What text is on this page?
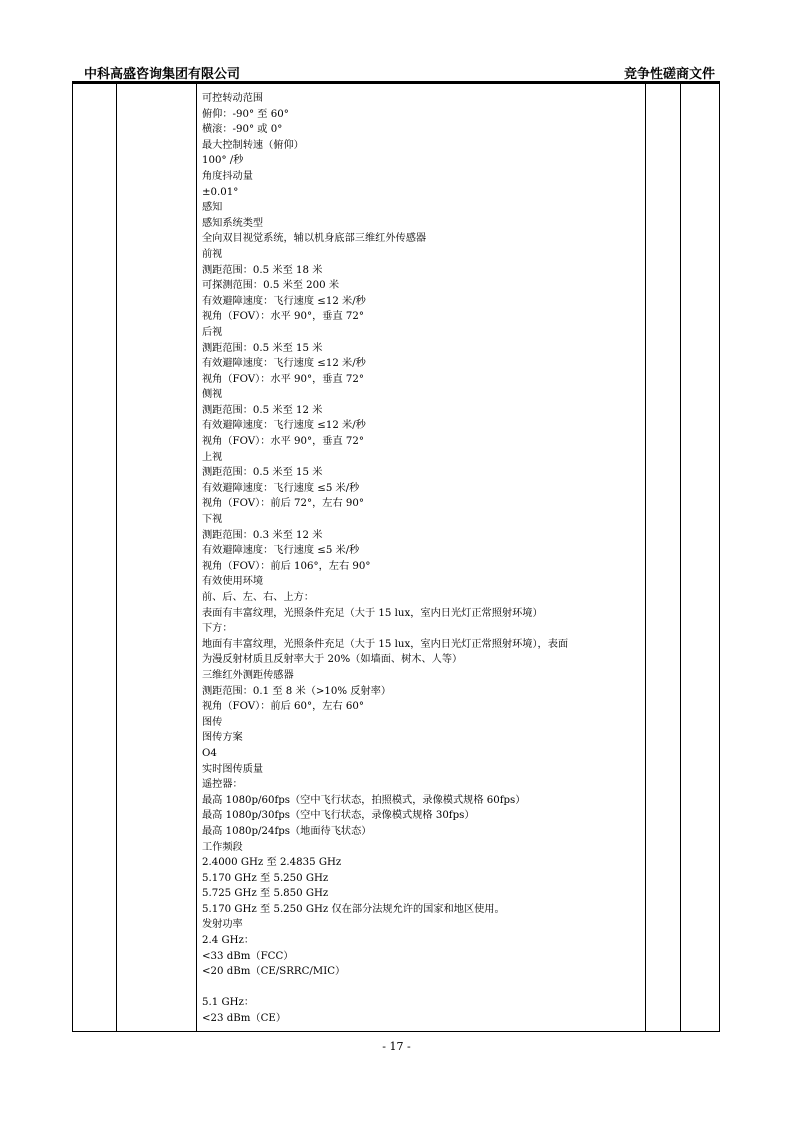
中科高盛咨询集团有限公司	竞争性磋商文件
可控转动范围
俯仰：-90° 至 60°
横滚：-90° 或 0°
最大控制转速（俯仰）
100° /秒
角度抖动量
±0.01°
感知
感知系统类型
全向双目视觉系统，辅以机身底部三维红外传感器
前视
测距范围：0.5 米至 18 米
可探测范围：0.5 米至 200 米
有效避障速度：飞行速度 ≤12 米/秒
视角（FOV）：水平 90°，垂直 72°
后视
测距范围：0.5 米至 15 米
有效避障速度：飞行速度 ≤12 米/秒
视角（FOV）：水平 90°，垂直 72°
侧视
测距范围：0.5 米至 12 米
有效避障速度：飞行速度 ≤12 米/秒
视角（FOV）：水平 90°，垂直 72°
上视
测距范围：0.5 米至 15 米
有效避障速度：飞行速度 ≤5 米/秒
视角（FOV）：前后 72°，左右 90°
下视
测距范围：0.3 米至 12 米
有效避障速度：飞行速度 ≤5 米/秒
视角（FOV）：前后 106°，左右 90°
有效使用环境
前、后、左、右、上方：
表面有丰富纹理，光照条件充足（大于 15 lux，室内日光灯正常照射环境）
下方：
地面有丰富纹理，光照条件充足（大于 15 lux，室内日光灯正常照射环境），表面
为漫反射材质且反射率大于 20%（如墙面、树木、人等）
三维红外测距传感器
测距范围：0.1 至 8 米（>10% 反射率）
视角（FOV）：前后 60°，左右 60°
图传
图传方案
O4
实时图传质量
遥控器：
最高 1080p/60fps（空中飞行状态，拍照模式，录像模式规格 60fps）
最高 1080p/30fps（空中飞行状态，录像模式规格 30fps）
最高 1080p/24fps（地面待飞状态）
工作频段
2.4000 GHz 至 2.4835 GHz
5.170 GHz 至 5.250 GHz
5.725 GHz 至 5.850 GHz
5.170 GHz 至 5.250 GHz 仅在部分法规允许的国家和地区使用。
发射功率
2.4 GHz：
<33 dBm（FCC）
<20 dBm（CE/SRRC/MIC）
5.1 GHz：
<23 dBm（CE）
- 17 -
